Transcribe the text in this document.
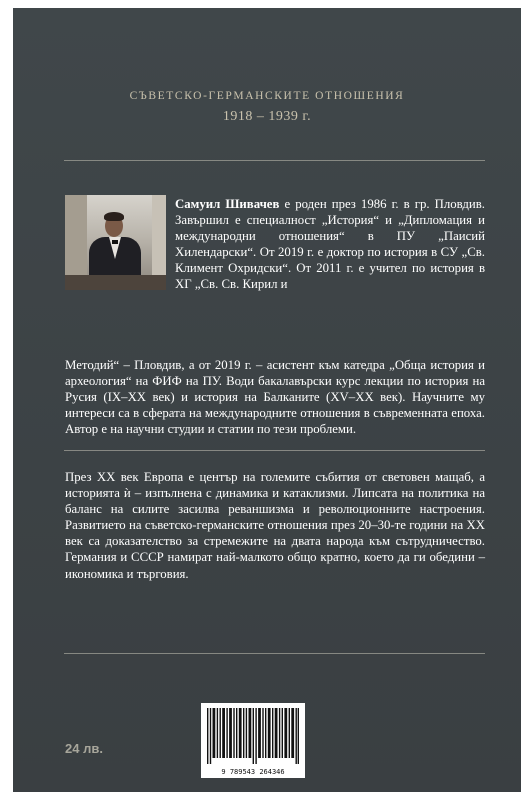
СЪВЕТСКО-ГЕРМАНСКИТЕ ОТНОШЕНИЯ
1918 – 1939 г.
Самуил Шивачев е роден през 1986 г. в гр. Пловдив. Завършил е специалност „История“ и „Дипломация и международни отношения“ в ПУ „Паисий Хилендарски“. От 2019 г. е доктор по история в СУ „Св. Климент Охридски“. От 2011 г. е учител по история в ХГ „Св. Св. Кирил и
Методий“ – Пловдив, а от 2019 г. – асистент към катедра „Обща история и археология“ на ФИФ на ПУ. Води бакалавърски курс лекции по история на Русия (IX–XX век) и история на Балканите (XV–XX век). Научните му интереси са в сферата на международните отношения в съвременната епоха. Автор е на научни студии и статии по тези проблеми.
През XX век Европа е център на големите събития от световен мащаб, а историята ѝ – изпълнена с динамика и катаклизми. Липсата на политика на баланс на силите засилва реваншизма и революционните настроения. Развитието на съветско-германските отношения през 20–30-те години на XX век са доказателство за стремежите на двата народа към сътрудничество. Германия и СССР намират най-малкото общо кратно, което да ги обедини – икономика и търговия.
24 лв.
9 789543 264346
